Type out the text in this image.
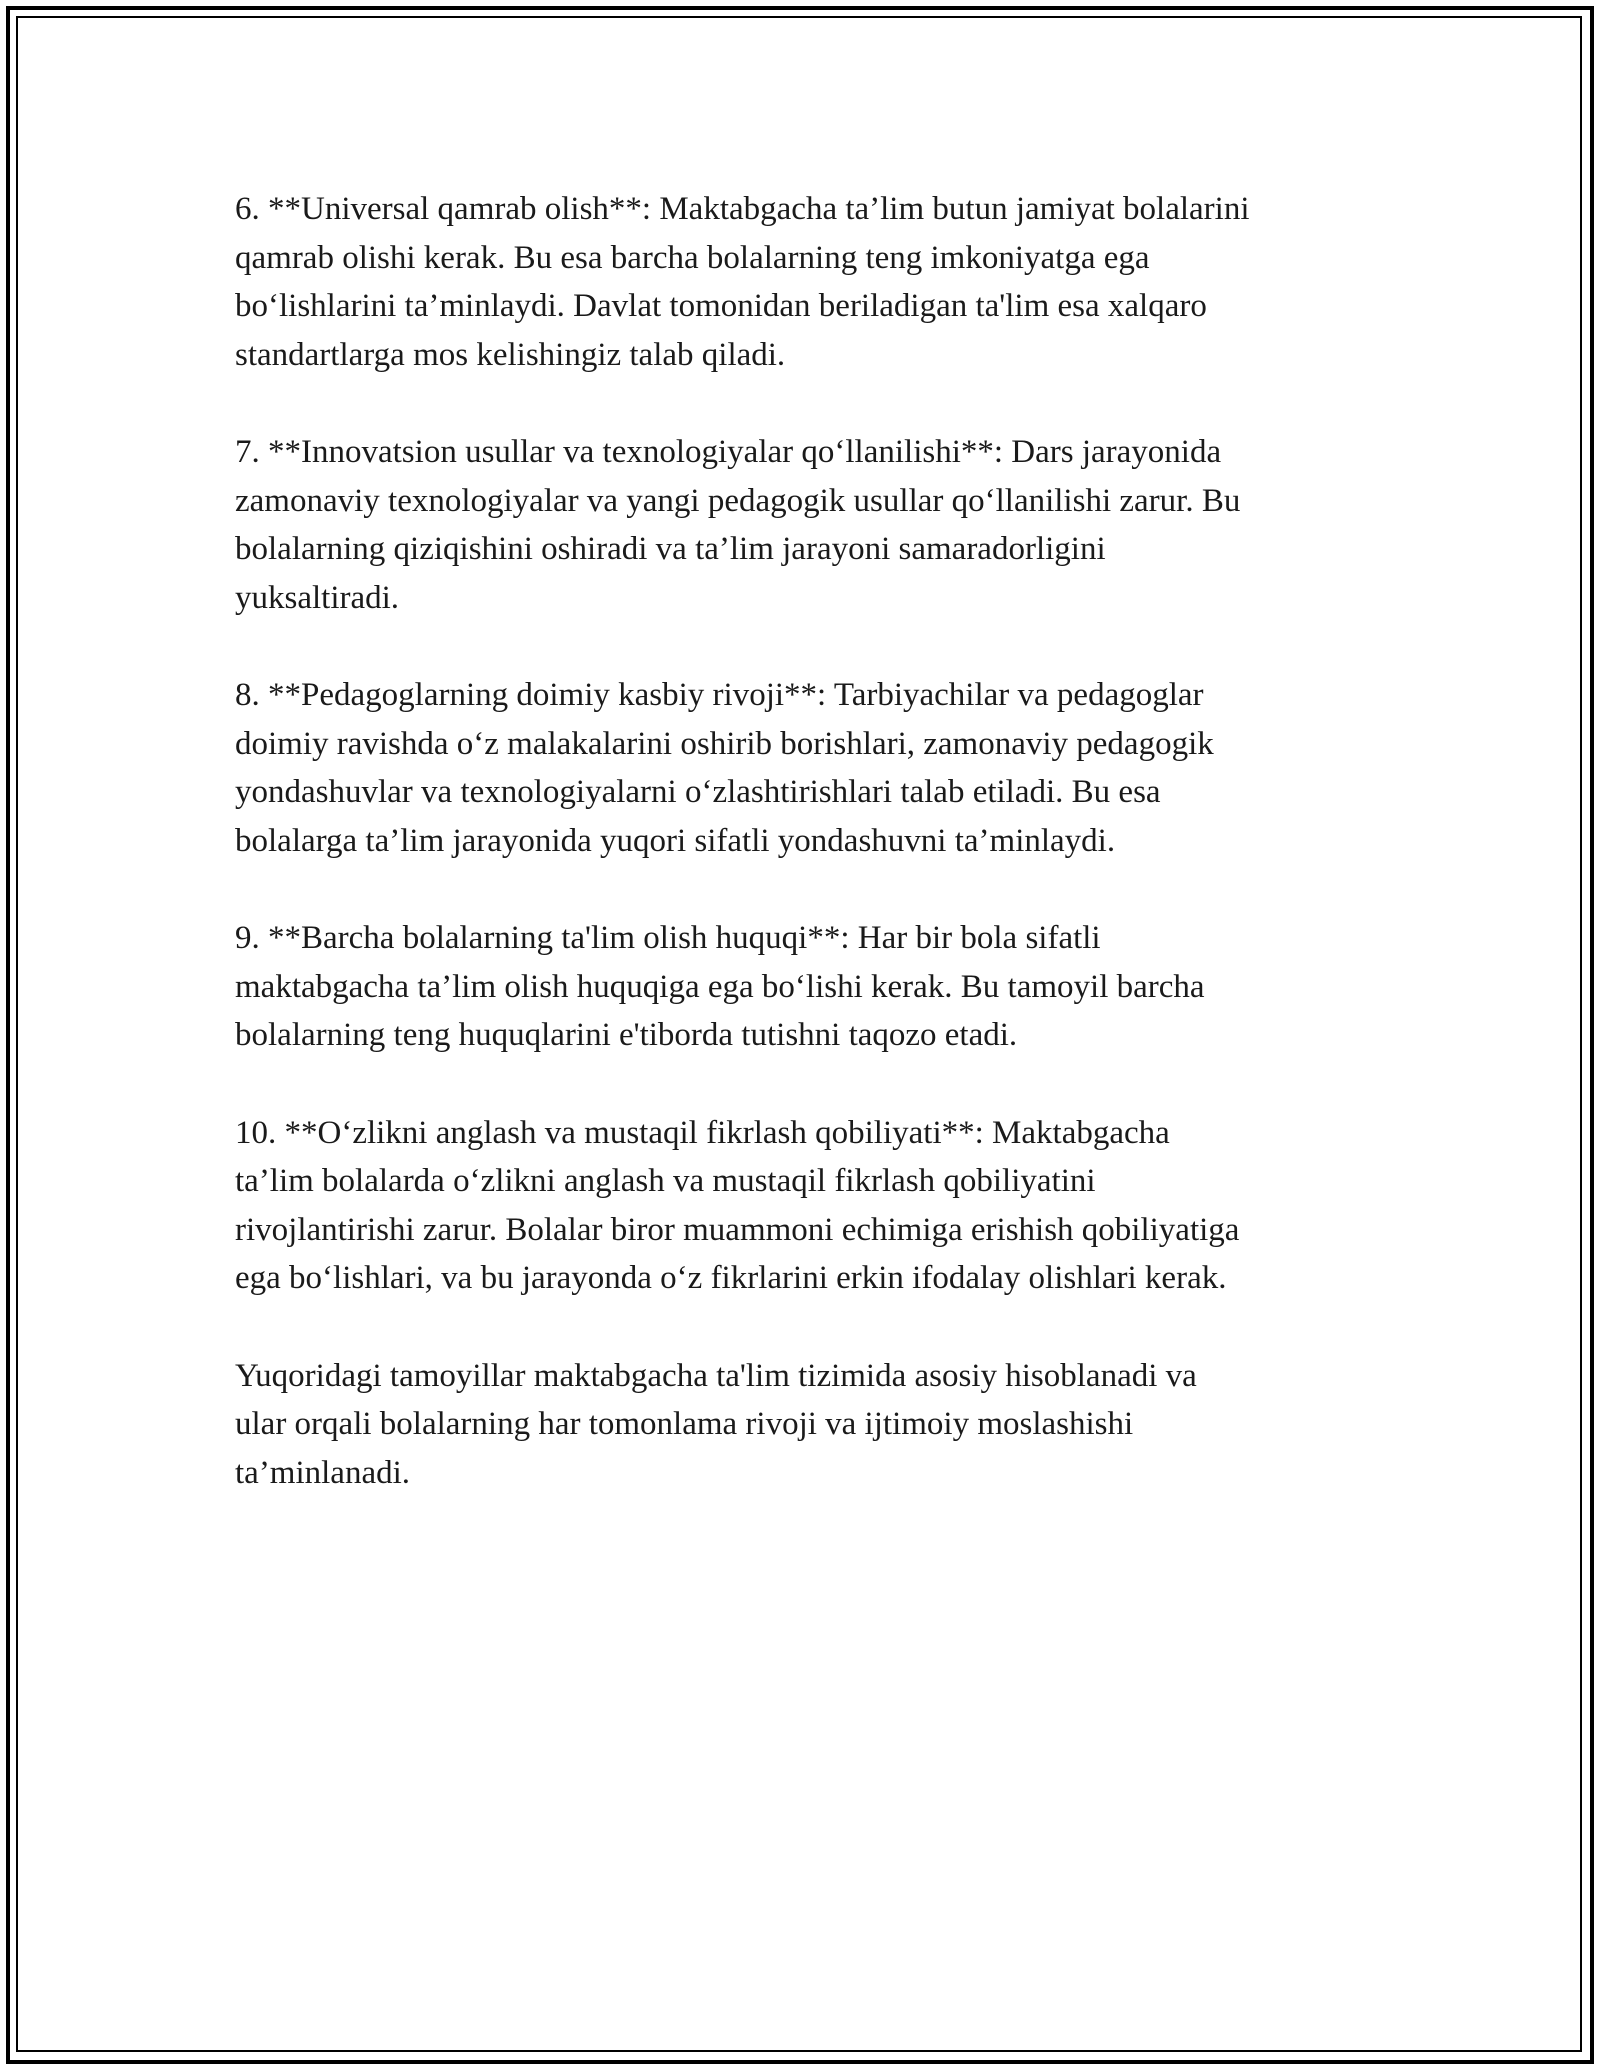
6. **Universal qamrab olish**: Maktabgacha ta’lim butun jamiyat bolalarini
qamrab olishi kerak. Bu esa barcha bolalarning teng imkoniyatga ega
bo‘lishlarini ta’minlaydi. Davlat tomonidan beriladigan ta'lim esa xalqaro
standartlarga mos kelishingiz talab qiladi.

7. **Innovatsion usullar va texnologiyalar qo‘llanilishi**: Dars jarayonida
zamonaviy texnologiyalar va yangi pedagogik usullar qo‘llanilishi zarur. Bu
bolalarning qiziqishini oshiradi va ta’lim jarayoni samaradorligini
yuksaltiradi.

8. **Pedagoglarning doimiy kasbiy rivoji**: Tarbiyachilar va pedagoglar
doimiy ravishda o‘z malakalarini oshirib borishlari, zamonaviy pedagogik
yondashuvlar va texnologiyalarni o‘zlashtirishlari talab etiladi. Bu esa
bolalarga ta’lim jarayonida yuqori sifatli yondashuvni ta’minlaydi.

9. **Barcha bolalarning ta'lim olish huquqi**: Har bir bola sifatli
maktabgacha ta’lim olish huquqiga ega bo‘lishi kerak. Bu tamoyil barcha
bolalarning teng huquqlarini e'tiborda tutishni taqozo etadi.

10. **O‘zlikni anglash va mustaqil fikrlash qobiliyati**: Maktabgacha
ta’lim bolalarda o‘zlikni anglash va mustaqil fikrlash qobiliyatini
rivojlantirishi zarur. Bolalar biror muammoni echimiga erishish qobiliyatiga
ega bo‘lishlari, va bu jarayonda o‘z fikrlarini erkin ifodalay olishlari kerak.

Yuqoridagi tamoyillar maktabgacha ta'lim tizimida asosiy hisoblanadi va
ular orqali bolalarning har tomonlama rivoji va ijtimoiy moslashishi
ta’minlanadi.
